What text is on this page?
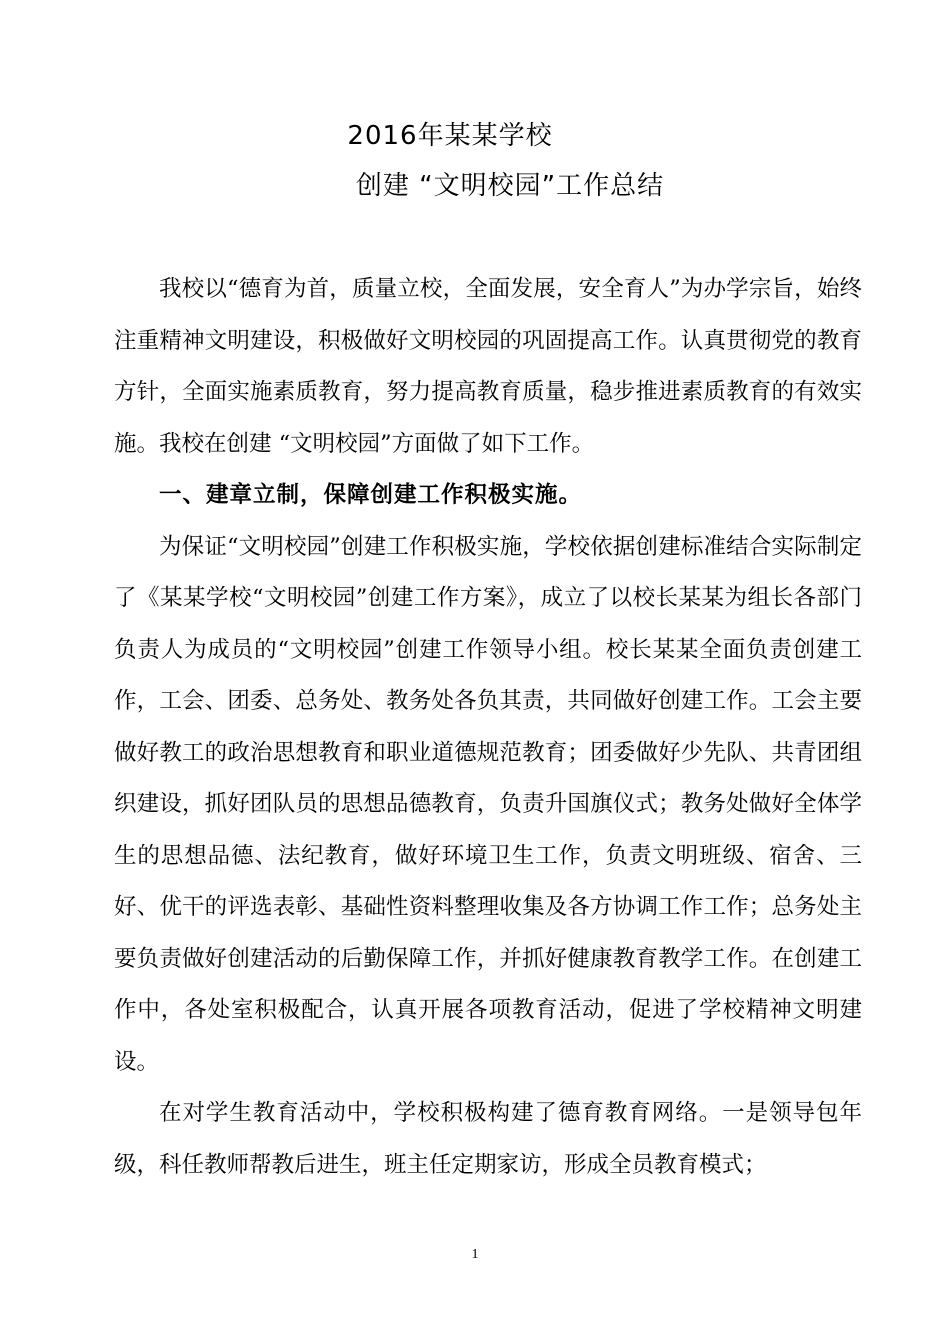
2016年某某学校
创建 “文明校园”工作总结

我校以“德育为首，质量立校，全面发展，安全育人”为办学宗旨，始终注重精神文明建设，积极做好文明校园的巩固提高工作。认真贯彻党的教育方针，全面实施素质教育，努力提高教育质量，稳步推进素质教育的有效实施。我校在创建 “文明校园”方面做了如下工作。

一、建章立制，保障创建工作积极实施。

为保证“文明校园”创建工作积极实施，学校依据创建标准结合实际制定了《某某学校“文明校园”创建工作方案》，成立了以校长某某为组长各部门负责人为成员的“文明校园”创建工作领导小组。校长某某全面负责创建工作，工会、团委、总务处、教务处各负其责，共同做好创建工作。工会主要做好教工的政治思想教育和职业道德规范教育；团委做好少先队、共青团组织建设，抓好团队员的思想品德教育，负责升国旗仪式；教务处做好全体学生的思想品德、法纪教育，做好环境卫生工作，负责文明班级、宿舍、三好、优干的评选表彰、基础性资料整理收集及各方协调工作工作；总务处主要负责做好创建活动的后勤保障工作，并抓好健康教育教学工作。在创建工作中，各处室积极配合，认真开展各项教育活动，促进了学校精神文明建设。

在对学生教育活动中，学校积极构建了德育教育网络。一是领导包年级，科任教师帮教后进生，班主任定期家访，形成全员教育模式；

1
